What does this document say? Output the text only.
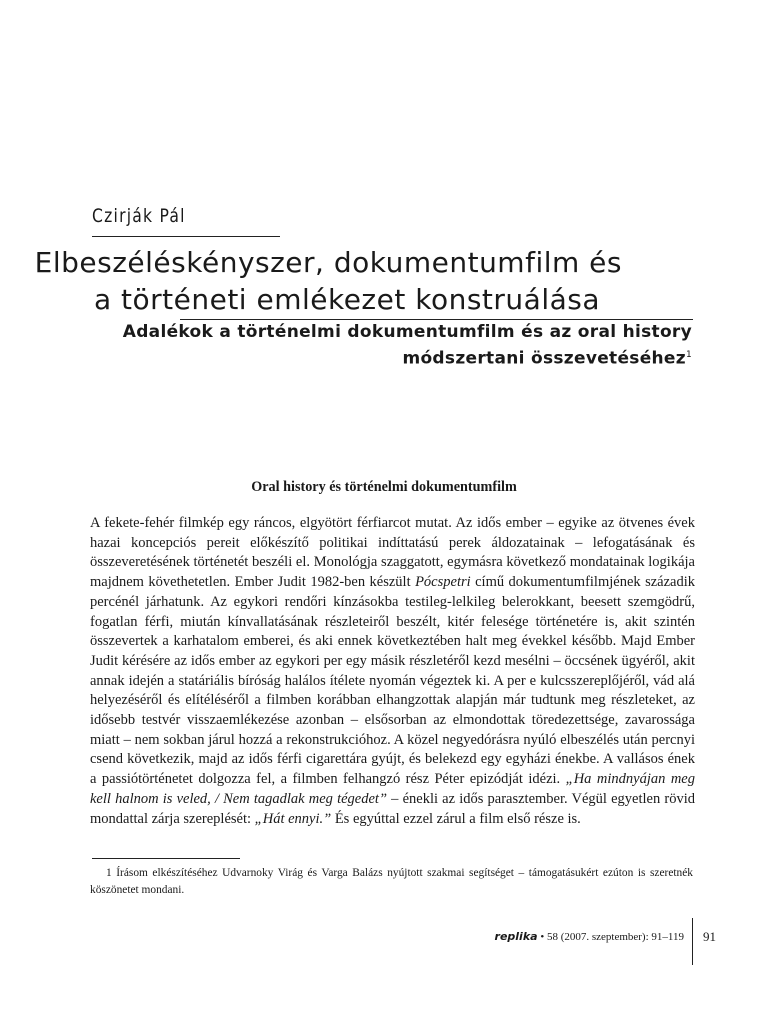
Czirják Pál
Elbeszéléskényszer, dokumentumfilm és

a történeti emlékezet konstruálása
Adalékok a történelmi dokumentumfilm és az oral history
módszertani összevetéséhez$^1$
Oral history és történelmi dokumentumfilm
A fekete-fehér filmkép egy ráncos, elgyötört férfiarcot mutat. Az idős ember – egyike az ötvenes évek hazai koncepciós pereit előkészítő politikai indíttatású perek áldozatainak – lefogatásának és összeveretésének történetét beszéli el. Monológja szaggatott, egymásra következő mondatainak logikája majdnem követhetetlen. Ember Judit 1982-ben készült Pócspetri című dokumentumfilmjének századik percénél járhatunk. Az egykori rendőri kínzásokba testileg-lelkileg belerokkant, beesett szemgödrű, fogatlan férfi, miután kínvallatásának részleteiről beszélt, kitér felesége történetére is, akit szintén összevertek a karhatalom emberei, és aki ennek következtében halt meg évekkel később. Majd Ember Judit kérésére az idős ember az egykori per egy másik részletéről kezd mesélni – öccsének ügyéről, akit annak idején a statáriális bíróság halálos ítélete nyomán végeztek ki. A per e kulcsszereplőjéről, vád alá helyezéséről és elítéléséről a filmben korábban elhangzottak alapján már tudtunk meg részleteket, az idősebb testvér visszaemlékezése azonban – elsősorban az elmondottak töredezettsége, zavarossága miatt – nem sokban járul hozzá a rekonstrukcióhoz. A közel negyedórásra nyúló elbeszélés után percnyi csend következik, majd az idős férfi cigarettára gyújt, és belekezd egy egyházi énekbe. A vallásos ének a passiótörténetet dolgozza fel, a filmben felhangzó rész Péter epizódját idézi. „Ha mindnyájan meg kell halnom is veled, / Nem tagadlak meg tégedet” – énekli az idős parasztember. Végül egyetlen rövid mondattal zárja szereplését: „Hát ennyi.” És egyúttal ezzel zárul a film első része is.
1 Írásom elkészítéséhez Udvarnoky Virág és Varga Balázs nyújtott szakmai segítséget – támogatásukért ezúton is szeretnék köszönetet mondani.
replika • 58 (2007. szeptember): 91–119 91
